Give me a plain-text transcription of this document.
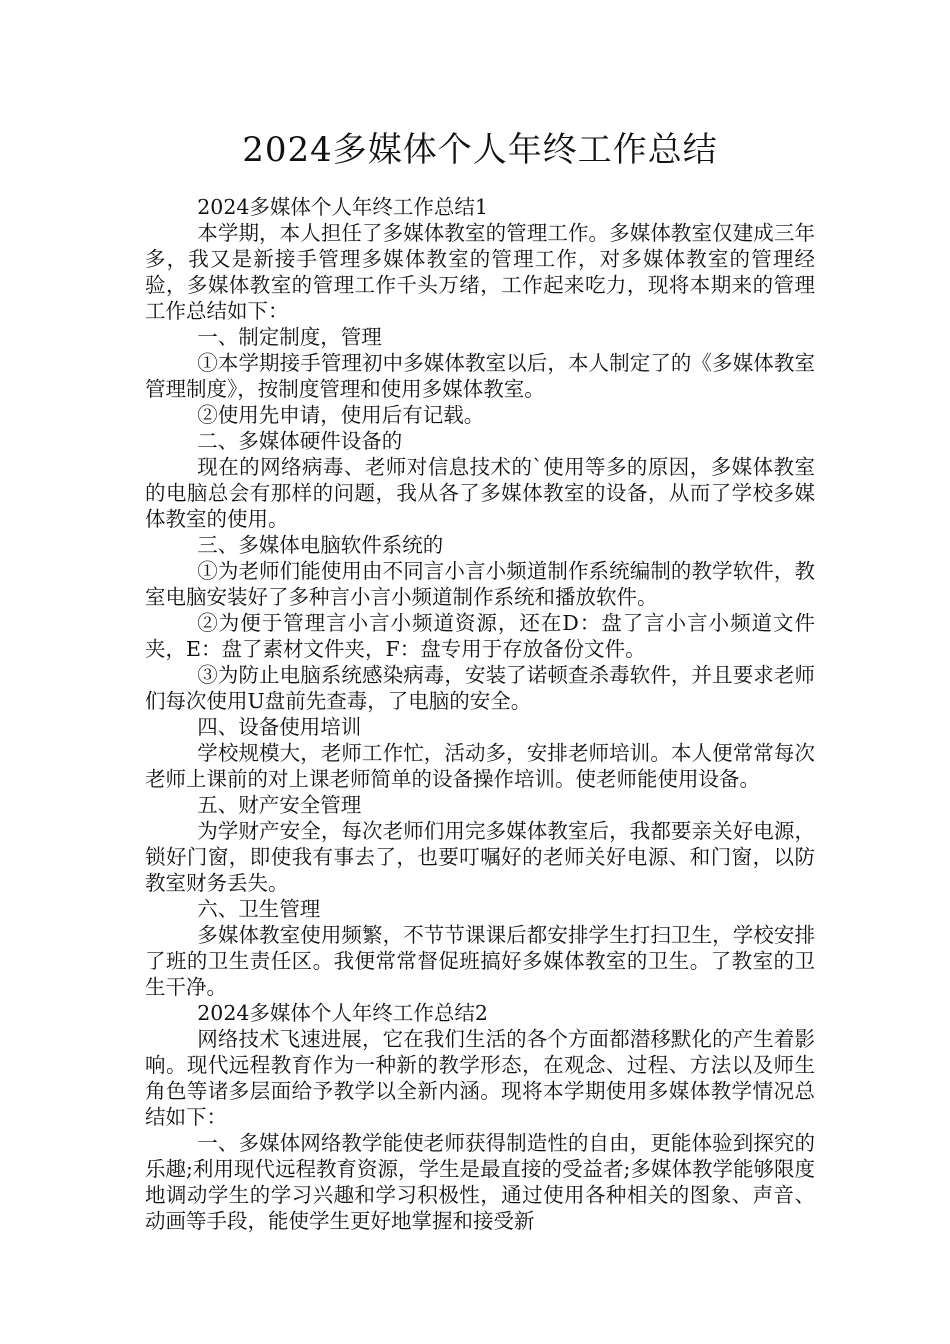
2024多媒体个人年终工作总结

2024多媒体个人年终工作总结1

本学期，本人担任了多媒体教室的管理工作。多媒体教室仅建成三年多，我又是新接手管理多媒体教室的管理工作，对多媒体教室的管理经验，多媒体教室的管理工作千头万绪，工作起来吃力，现将本期来的管理工作总结如下：

一、制定制度，管理

①本学期接手管理初中多媒体教室以后，本人制定了的《多媒体教室管理制度》，按制度管理和使用多媒体教室。

②使用先申请，使用后有记载。

二、多媒体硬件设备的

现在的网络病毒、老师对信息技术的`使用等多的原因，多媒体教室的电脑总会有那样的问题，我从各了多媒体教室的设备，从而了学校多媒体教室的使用。

三、多媒体电脑软件系统的

①为老师们能使用由不同言小言小频道制作系统编制的教学软件，教室电脑安装好了多种言小言小频道制作系统和播放软件。

②为便于管理言小言小频道资源，还在D：盘了言小言小频道文件夹，E：盘了素材文件夹，F：盘专用于存放备份文件。

③为防止电脑系统感染病毒，安装了诺顿查杀毒软件，并且要求老师们每次使用U盘前先查毒，了电脑的安全。

四、设备使用培训

学校规模大，老师工作忙，活动多，安排老师培训。本人便常常每次老师上课前的对上课老师简单的设备操作培训。使老师能使用设备。

五、财产安全管理

为学财产安全，每次老师们用完多媒体教室后，我都要亲关好电源，锁好门窗，即使我有事去了，也要叮嘱好的老师关好电源、和门窗，以防教室财务丢失。

六、卫生管理

多媒体教室使用频繁，不节节课课后都安排学生打扫卫生，学校安排了班的卫生责任区。我便常常督促班搞好多媒体教室的卫生。了教室的卫生干净。

2024多媒体个人年终工作总结2

网络技术飞速进展，它在我们生活的各个方面都潜移默化的产生着影响。现代远程教育作为一种新的教学形态，在观念、过程、方法以及师生角色等诸多层面给予教学以全新内涵。现将本学期使用多媒体教学情况总结如下：

一、多媒体网络教学能使老师获得制造性的自由，更能体验到探究的乐趣;利用现代远程教育资源，学生是最直接的受益者;多媒体教学能够限度地调动学生的学习兴趣和学习积极性，通过使用各种相关的图象、声音、动画等手段，能使学生更好地掌握和接受新
